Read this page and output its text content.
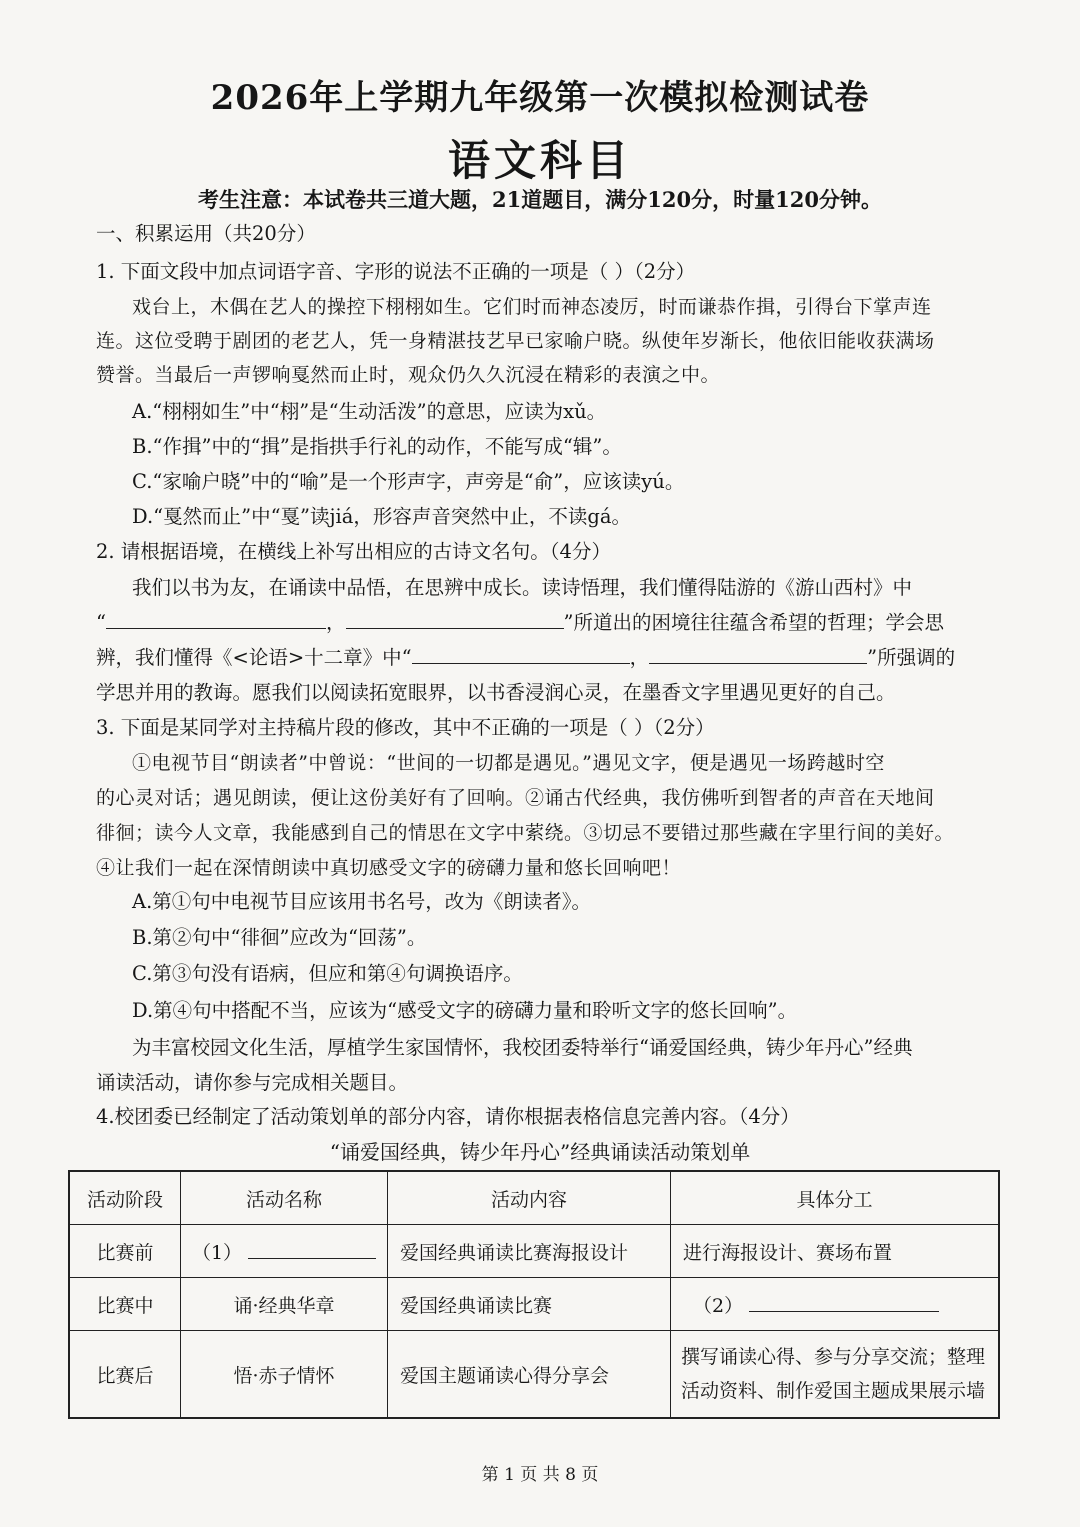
2026年上学期九年级第一次模拟检测试卷
语文科目
考生注意：本试卷共三道大题，21道题目，满分120分，时量120分钟。
一、积累运用（共20分）
1. 下面文段中加点词语字音、字形的说法不正确的一项是（ ）（2分）
戏台上，木偶在艺人的操控下栩栩如生。它们时而神态凌厉，时而谦恭作揖，引得台下掌声连
连。这位受聘于剧团的老艺人，凭一身精湛技艺早已家喻户晓。纵使年岁渐长，他依旧能收获满场
赞誉。当最后一声锣响戛然而止时，观众仍久久沉浸在精彩的表演之中。
A.“栩栩如生”中“栩”是“生动活泼”的意思，应读为xǔ。
B.“作揖”中的“揖”是指拱手行礼的动作，不能写成“辑”。
C.“家喻户晓”中的“喻”是一个形声字，声旁是“俞”，应该读yú。
D.“戛然而止”中“戛”读jiá，形容声音突然中止，不读gá。
2. 请根据语境，在横线上补写出相应的古诗文名句。（4分）
我们以书为友，在诵读中品悟，在思辨中成长。读诗悟理，我们懂得陆游的《游山西村》中
“	，	”所道出的困境往往蕴含希望的哲理；学会思
辨，我们懂得《<论语>十二章》中“	，	”所强调的
学思并用的教诲。愿我们以阅读拓宽眼界，以书香浸润心灵，在墨香文字里遇见更好的自己。
3. 下面是某同学对主持稿片段的修改，其中不正确的一项是（ ）（2分）
①电视节目“朗读者”中曾说：“世间的一切都是遇见。”遇见文字，便是遇见一场跨越时空
的心灵对话；遇见朗读，便让这份美好有了回响。②诵古代经典，我仿佛听到智者的声音在天地间
徘徊；读今人文章，我能感到自己的情思在文字中萦绕。③切忌不要错过那些藏在字里行间的美好。
④让我们一起在深情朗读中真切感受文字的磅礴力量和悠长回响吧！
A.第①句中电视节目应该用书名号，改为《朗读者》。
B.第②句中“徘徊”应改为“回荡”。
C.第③句没有语病，但应和第④句调换语序。
D.第④句中搭配不当，应该为“感受文字的磅礴力量和聆听文字的悠长回响”。
为丰富校园文化生活，厚植学生家国情怀，我校团委特举行“诵爱国经典，铸少年丹心”经典
诵读活动，请你参与完成相关题目。
4.校团委已经制定了活动策划单的部分内容，请你根据表格信息完善内容。（4分）
“诵爱国经典，铸少年丹心”经典诵读活动策划单
活动阶段	活动名称	活动内容	具体分工
比赛前	（1）	爱国经典诵读比赛海报设计	进行海报设计、赛场布置
比赛中	诵·经典华章	爱国经典诵读比赛	（2）
比赛后	悟·赤子情怀	爱国主题诵读心得分享会	撰写诵读心得、参与分享交流；整理
活动资料、制作爱国主题成果展示墙
第 1 页 共 8 页
